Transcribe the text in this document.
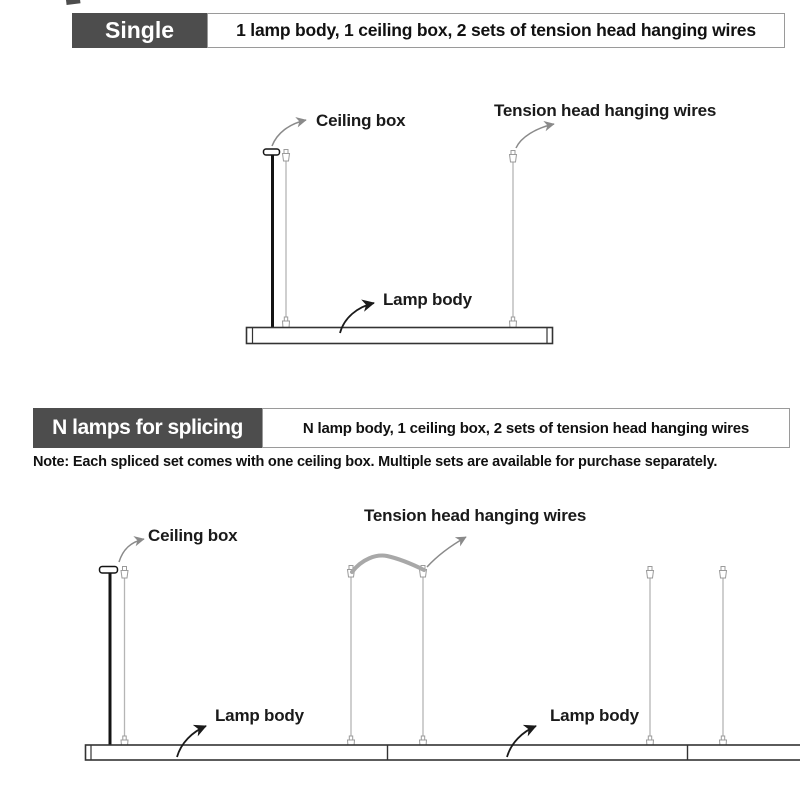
Single	1 lamp body, 1 ceiling box, 2 sets of tension head hanging wires
N lamps for splicing	N lamp body, 1 ceiling box, 2 sets of tension head hanging wires
Note: Each spliced set comes with one ceiling box. Multiple sets are available for purchase separately.
Ceiling box
Tension head hanging wires
Lamp body
Tension head hanging wires
Ceiling box
Lamp body	Lamp body
